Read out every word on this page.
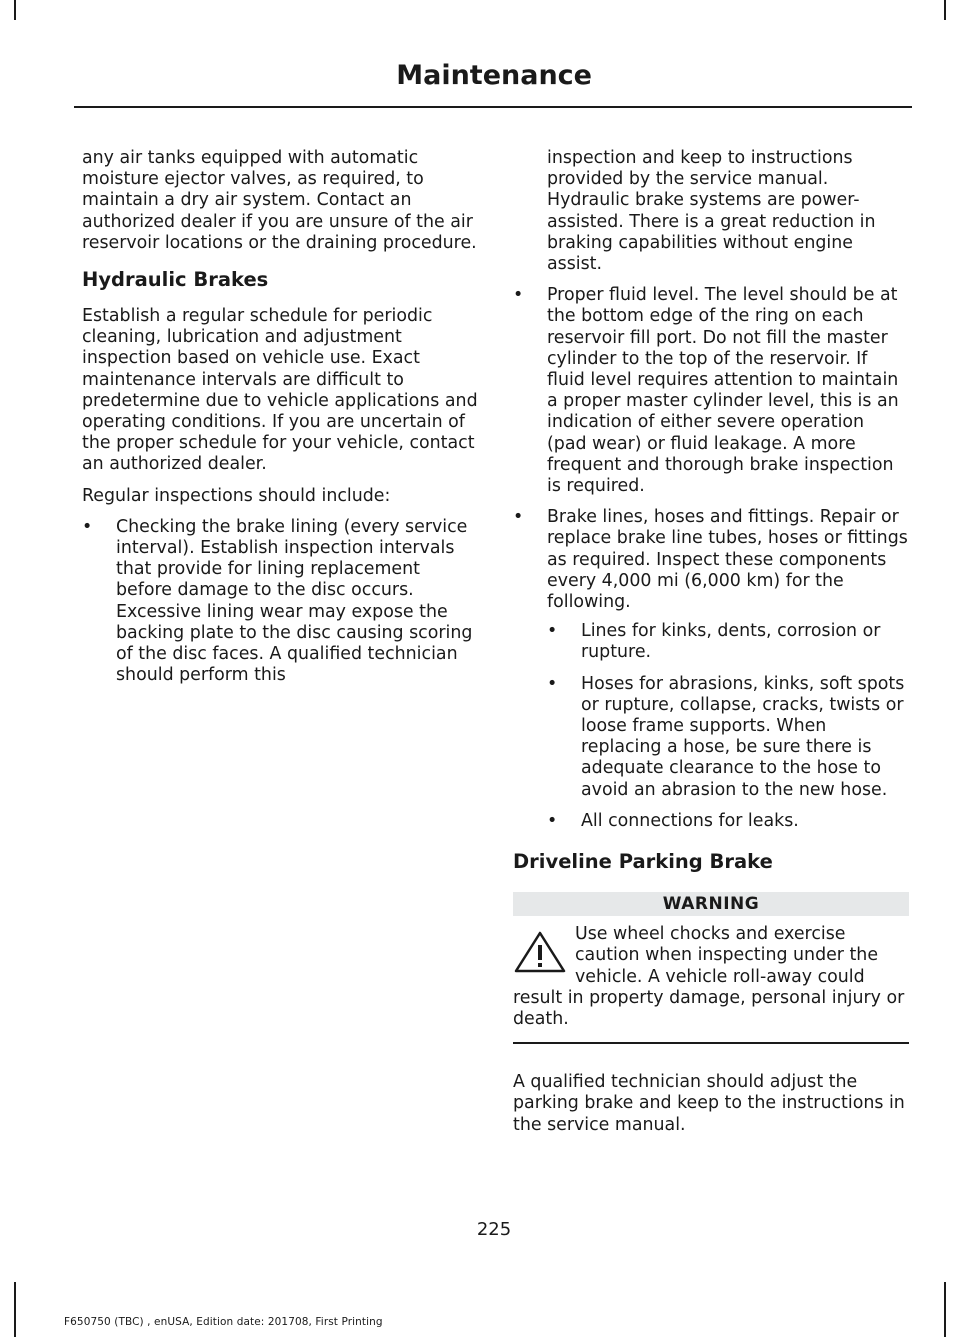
Maintenance

any air tanks equipped with automatic moisture ejector valves, as required, to maintain a dry air system. Contact an authorized dealer if you are unsure of the air reservoir locations or the draining procedure.

Hydraulic Brakes

Establish a regular schedule for periodic cleaning, lubrication and adjustment inspection based on vehicle use. Exact maintenance intervals are difficult to predetermine due to vehicle applications and operating conditions. If you are uncertain of the proper schedule for your vehicle, contact an authorized dealer.

Regular inspections should include:

• Checking the brake lining (every service interval). Establish inspection intervals that provide for lining replacement before damage to the disc occurs. Excessive lining wear may expose the backing plate to the disc causing scoring of the disc faces. A qualified technician should perform this
inspection and keep to instructions provided by the service manual. Hydraulic brake systems are power-assisted. There is a great reduction in braking capabilities without engine assist.
• Proper fluid level. The level should be at the bottom edge of the ring on each reservoir fill port. Do not fill the master cylinder to the top of the reservoir. If fluid level requires attention to maintain a proper master cylinder level, this is an indication of either severe operation (pad wear) or fluid leakage. A more frequent and thorough brake inspection is required.
• Brake lines, hoses and fittings. Repair or replace brake line tubes, hoses or fittings as required. Inspect these components every 4,000 mi (6,000 km) for the following.
• Lines for kinks, dents, corrosion or rupture.
• Hoses for abrasions, kinks, soft spots or rupture, collapse, cracks, twists or loose frame supports. When replacing a hose, be sure there is adequate clearance to the hose to avoid an abrasion to the new hose.
• All connections for leaks.
Driveline Parking Brake
WARNING
Use wheel chocks and exercise caution when inspecting under the vehicle. A vehicle roll-away could result in property damage, personal injury or death.

A qualified technician should adjust the parking brake and keep to the instructions in the service manual.

225
F650750 (TBC) , enUSA, Edition date: 201708, First Printing
